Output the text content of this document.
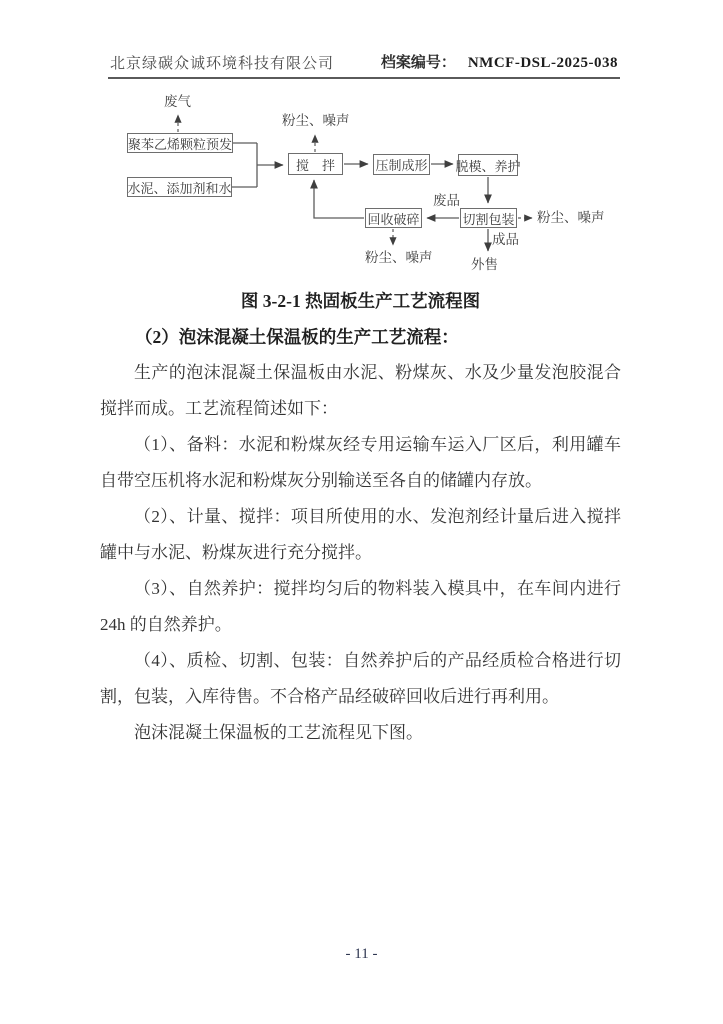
北京绿碳众诚环境科技有限公司	档案编号： NMCF-DSL-2025-038
聚苯乙烯颗粒预发
水泥、添加剂和水
搅　拌	压制成形 脱模、养护
切割包装
回收破碎
废气
粉尘、噪声
废品
粉尘、噪声
粉尘、噪声
成品
外售

图 3-2-1 热固板生产工艺流程图

（2）泡沫混凝土保温板的生产工艺流程：

生产的泡沫混凝土保温板由水泥、粉煤灰、水及少量发泡胶混合搅拌而成。工艺流程简述如下：

（1）、备料：水泥和粉煤灰经专用运输车运入厂区后，利用罐车自带空压机将水泥和粉煤灰分别输送至各自的储罐内存放。

（2）、计量、搅拌：项目所使用的水、发泡剂经计量后进入搅拌罐中与水泥、粉煤灰进行充分搅拌。

（3）、自然养护：搅拌均匀后的物料装入模具中，在车间内进行 24h 的自然养护。

（4）、质检、切割、包装：自然养护后的产品经质检合格进行切割，包装，入库待售。不合格产品经破碎回收后进行再利用。

泡沫混凝土保温板的工艺流程见下图。

- 11 -
